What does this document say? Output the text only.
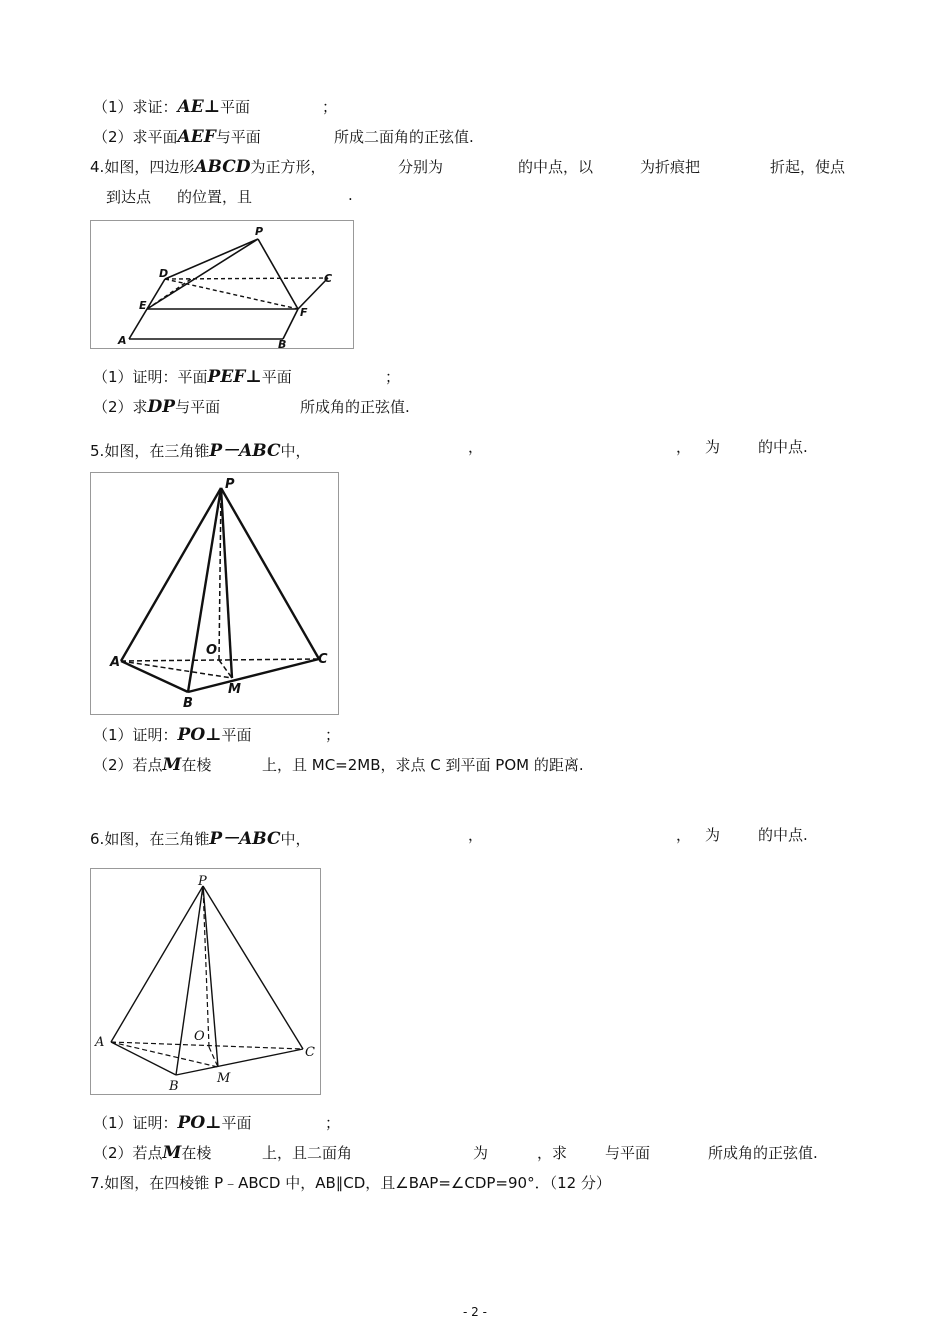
（1）求证：AE⊥平面	；
（2）求平面AEF与平面	所成二面角的正弦值.
4.如图，四边形ABCD为正方形，	分别为	的中点，以	为折痕把	折起，使点
到达点 的位置，且	.
P
D	C
E
F
A	B
（1）证明：平面PEF⊥平面	；
（2）求DP与平面	所成角的正弦值.
5.如图，在三角锥P－ABC中，	，	， 为	的中点.
P
A
O
C
B
M
（1）证明：PO⊥平面	；
（2）若点M在棱	上，且 MC=2MB，求点 C 到平面 POM 的距离.
6.如图，在三角锥P－ABC中，	，	， 为	的中点.
P
A	O
C
B
M
（1）证明：PO⊥平面	；
（2）若点M在棱	上，且二面角	为	，求	与平面	所成角的正弦值.
7.如图，在四棱锥 P﹣ABCD 中，AB∥CD，且∠BAP=∠CDP=90°．（12 分）
- 2 -
